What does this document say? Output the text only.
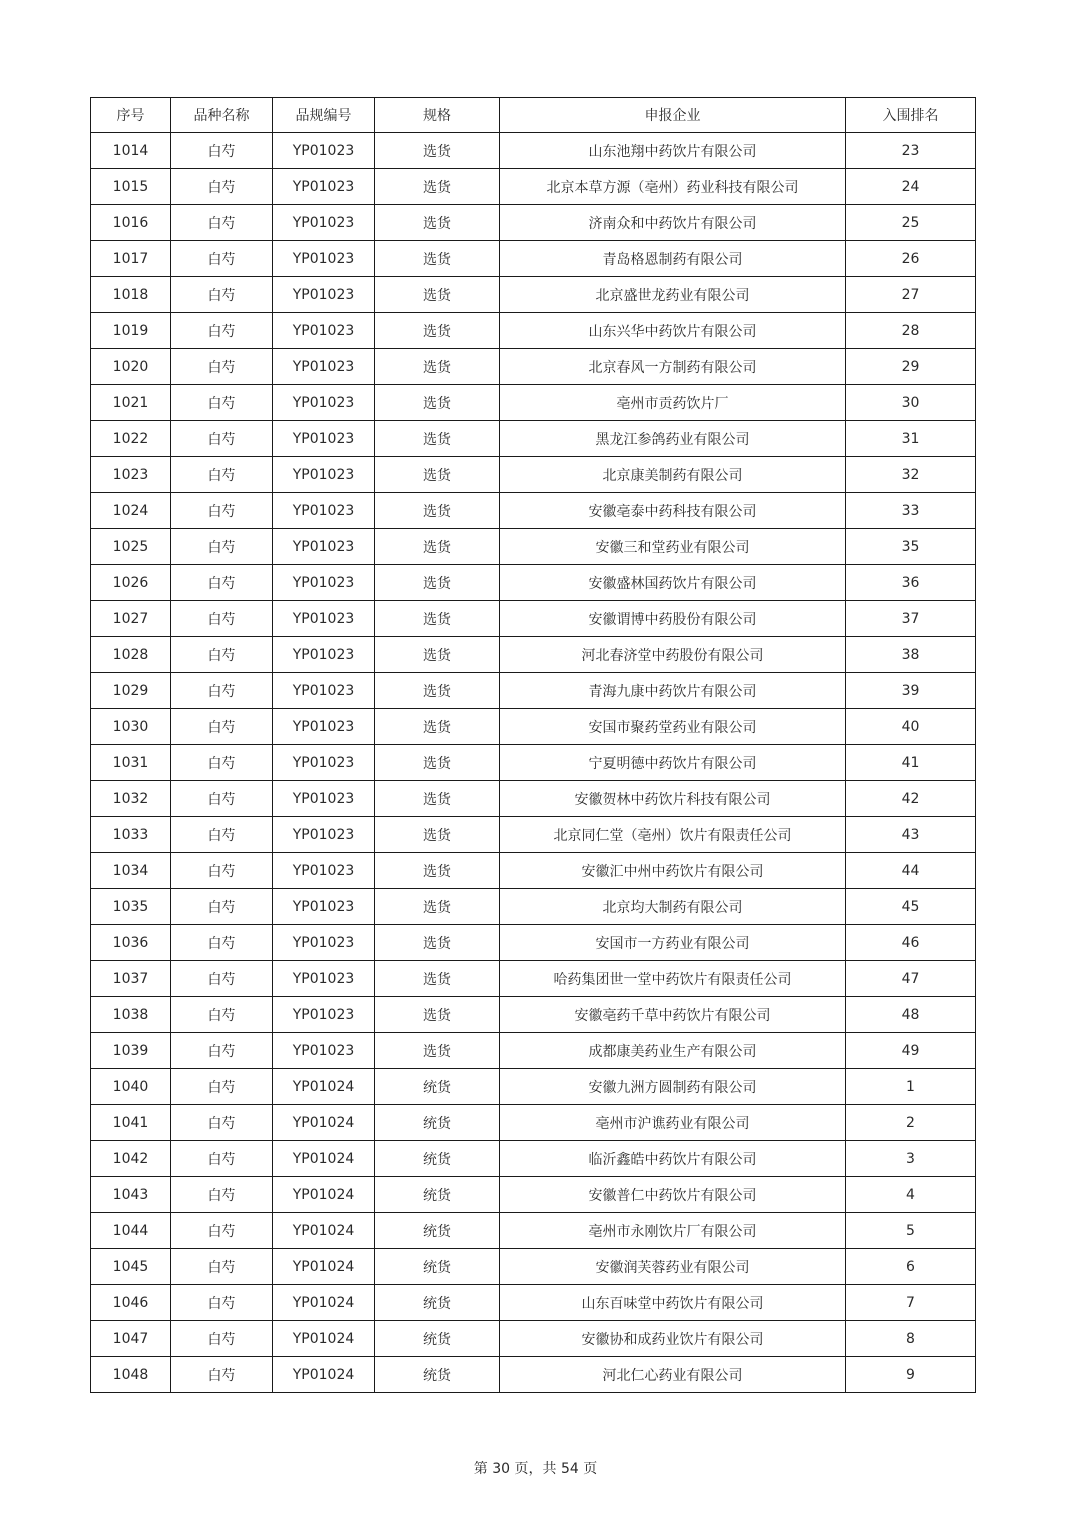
序号	品种名称	品规编号	规格	申报企业	入围排名
1014	白芍	YP01023	选货	山东池翔中药饮片有限公司	23
1015	白芍	YP01023	选货	北京本草方源（亳州）药业科技有限公司	24
1016	白芍	YP01023	选货	济南众和中药饮片有限公司	25
1017	白芍	YP01023	选货	青岛格恩制药有限公司	26
1018	白芍	YP01023	选货	北京盛世龙药业有限公司	27
1019	白芍	YP01023	选货	山东兴华中药饮片有限公司	28
1020	白芍	YP01023	选货	北京春风一方制药有限公司	29
1021	白芍	YP01023	选货	亳州市贡药饮片厂	30
1022	白芍	YP01023	选货	黑龙江参鸽药业有限公司	31
1023	白芍	YP01023	选货	北京康美制药有限公司	32
1024	白芍	YP01023	选货	安徽亳泰中药科技有限公司	33
1025	白芍	YP01023	选货	安徽三和堂药业有限公司	35
1026	白芍	YP01023	选货	安徽盛林国药饮片有限公司	36
1027	白芍	YP01023	选货	安徽谓博中药股份有限公司	37
1028	白芍	YP01023	选货	河北春济堂中药股份有限公司	38
1029	白芍	YP01023	选货	青海九康中药饮片有限公司	39
1030	白芍	YP01023	选货	安国市聚药堂药业有限公司	40
1031	白芍	YP01023	选货	宁夏明德中药饮片有限公司	41
1032	白芍	YP01023	选货	安徽贺林中药饮片科技有限公司	42
1033	白芍	YP01023	选货	北京同仁堂（亳州）饮片有限责任公司	43
1034	白芍	YP01023	选货	安徽汇中州中药饮片有限公司	44
1035	白芍	YP01023	选货	北京均大制药有限公司	45
1036	白芍	YP01023	选货	安国市一方药业有限公司	46
1037	白芍	YP01023	选货	哈药集团世一堂中药饮片有限责任公司	47
1038	白芍	YP01023	选货	安徽亳药千草中药饮片有限公司	48
1039	白芍	YP01023	选货	成都康美药业生产有限公司	49
1040	白芍	YP01024	统货	安徽九洲方圆制药有限公司	1
1041	白芍	YP01024	统货	亳州市沪谯药业有限公司	2
1042	白芍	YP01024	统货	临沂鑫皓中药饮片有限公司	3
1043	白芍	YP01024	统货	安徽普仁中药饮片有限公司	4
1044	白芍	YP01024	统货	亳州市永刚饮片厂有限公司	5
1045	白芍	YP01024	统货	安徽润芙蓉药业有限公司	6
1046	白芍	YP01024	统货	山东百味堂中药饮片有限公司	7
1047	白芍	YP01024	统货	安徽协和成药业饮片有限公司	8
1048	白芍	YP01024	统货	河北仁心药业有限公司	9
第 30 页，共 54 页
